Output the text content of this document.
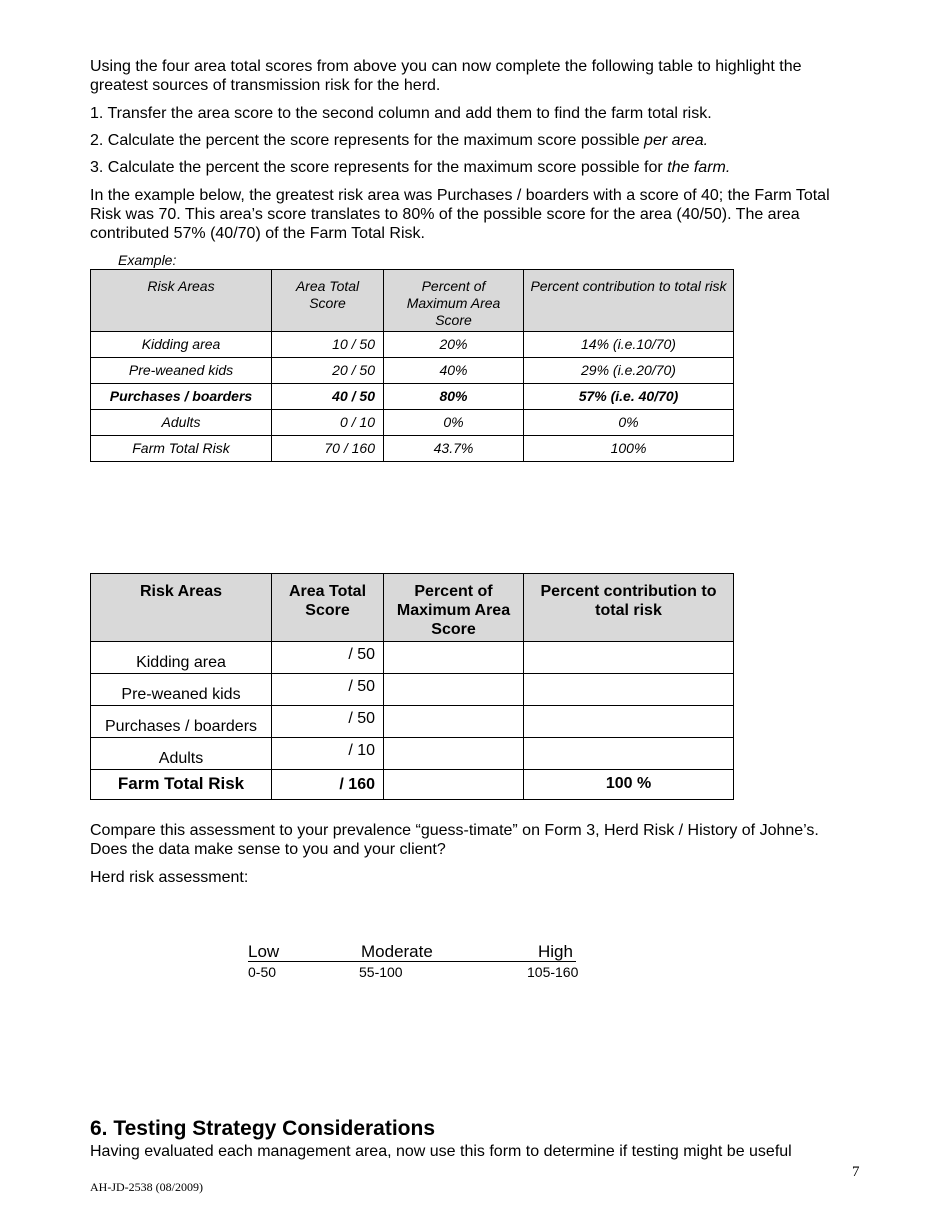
Using the four area total scores from above you can now complete the following table to highlight the greatest sources of transmission risk for the herd.

1. Transfer the area score to the second column and add them to find the farm total risk.

2. Calculate the percent the score represents for the maximum score possible per area.

3. Calculate the percent the score represents for the maximum score possible for the farm.

In the example below, the greatest risk area was Purchases / boarders with a score of 40; the Farm Total Risk was 70. This area’s score translates to 80% of the possible score for the area (40/50). The area contributed 57% (40/70) of the Farm Total Risk.

Example:
Risk Areas	Area Total Score	Percent of Maximum Area Score	Percent contribution to total risk
Kidding area	10 / 50	20%	14% (i.e.10/70)
Pre-weaned kids	20 / 50	40%	29% (i.e.20/70)
Purchases / boarders	40 / 50	80%	57% (i.e. 40/70)
Adults	0 / 10	0%	0%
Farm Total Risk	70 / 160	43.7%	100%
Risk Areas	Area Total Score	Percent of Maximum Area Score	Percent contribution to total risk
Kidding area	/ 50		
Pre-weaned kids	/ 50		
Purchases / boarders	/ 50		
Adults	/ 10		
Farm Total Risk	/ 160		100 %

Compare this assessment to your prevalence “guess-timate” on Form 3, Herd Risk / History of Johne’s. Does the data make sense to you and your client?

Herd risk assessment:

Low	Moderate	High
0-50	55-100	105-160
6. Testing Strategy Considerations

Having evaluated each management area, now use this form to determine if testing might be useful

7
AH-JD-2538 (08/2009)
